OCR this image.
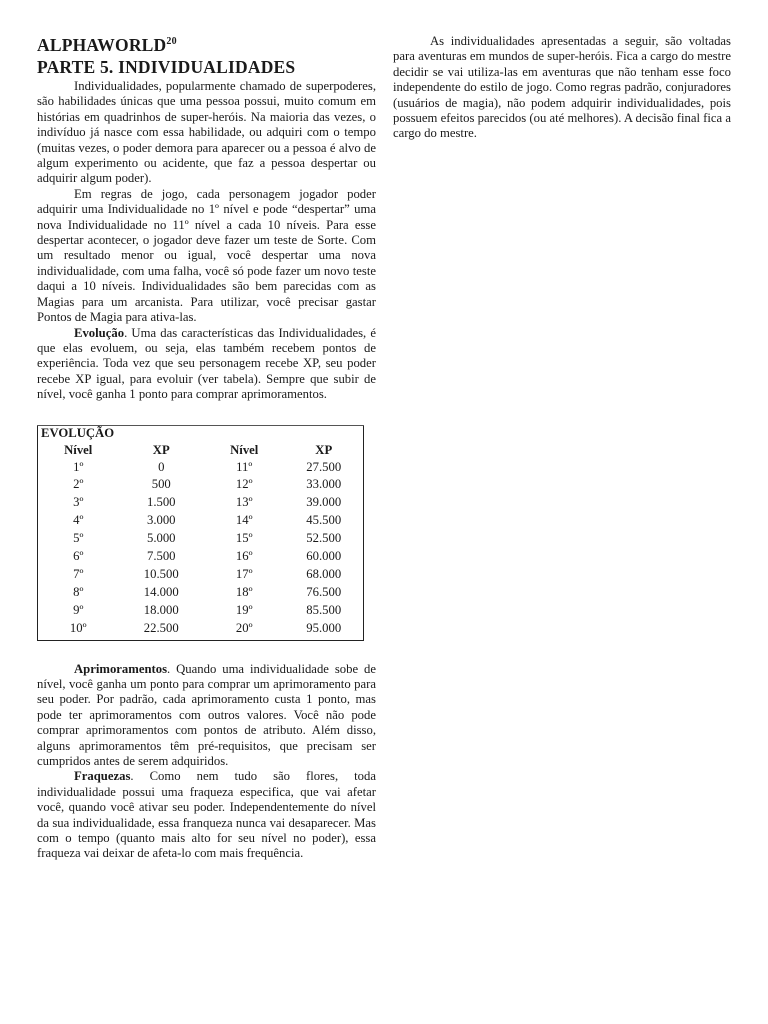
ALPHAWORLD$^{20}$
PARTE 5. INDIVIDUALIDADES

Individualidades, popularmente chamado de superpoderes, são habilidades únicas que uma pessoa possui, muito comum em histórias em quadrinhos de super-heróis. Na maioria das vezes, o indivíduo já nasce com essa habilidade, ou adquiri com o tempo (muitas vezes, o poder demora para aparecer ou a pessoa é alvo de algum experimento ou acidente, que faz a pessoa despertar ou adquirir algum poder).

Em regras de jogo, cada personagem jogador poder adquirir uma Individualidade no 1º nível e pode “despertar” uma nova Individualidade no 11º nível a cada 10 níveis. Para esse despertar acontecer, o jogador deve fazer um teste de Sorte. Com um resultado menor ou igual, você despertar uma nova individualidade, com uma falha, você só pode fazer um novo teste daqui a 10 níveis. Individualidades são bem parecidas com as Magias para um arcanista. Para utilizar, você precisar gastar Pontos de Magia para ativa-las.

Evolução. Uma das características das Individualidades, é que elas evoluem, ou seja, elas também recebem pontos de experiência. Toda vez que seu personagem recebe XP, seu poder recebe XP igual, para evoluir (ver tabela). Sempre que subir de nível, você ganha 1 ponto para comprar aprimoramentos.

EVOLUÇÃO
Nível	XP	Nível	XP
1º	0	11º	27.500
2º	500	12º	33.000
3º	1.500	13º	39.000
4º	3.000	14º	45.500
5º	5.000	15º	52.500
6º	7.500	16º	60.000
7º	10.500	17º	68.000
8º	14.000	18º	76.500
9º	18.000	19º	85.500
10º	22.500	20º	95.000

Aprimoramentos. Quando uma individualidade sobe de nível, você ganha um ponto para comprar um aprimoramento para seu poder. Por padrão, cada aprimoramento custa 1 ponto, mas pode ter aprimoramentos com outros valores. Você não pode comprar aprimoramentos com pontos de atributo. Além disso, alguns aprimoramentos têm pré-requisitos, que precisam ser cumpridos antes de serem adquiridos.

Fraquezas. Como nem tudo são flores, toda individualidade possui uma fraqueza especifica, que vai afetar você, quando você ativar seu poder. Independentemente do nível da sua individualidade, essa franqueza nunca vai desaparecer. Mas com o tempo (quanto mais alto for seu nível no poder), essa fraqueza vai deixar de afeta-lo com mais frequência.

As individualidades apresentadas a seguir, são voltadas para aventuras em mundos de super-heróis. Fica a cargo do mestre decidir se vai utiliza-las em aventuras que não tenham esse foco independente do estilo de jogo. Como regras padrão, conjuradores (usuários de magia), não podem adquirir individualidades, pois possuem efeitos parecidos (ou até melhores). A decisão final fica a cargo do mestre.
